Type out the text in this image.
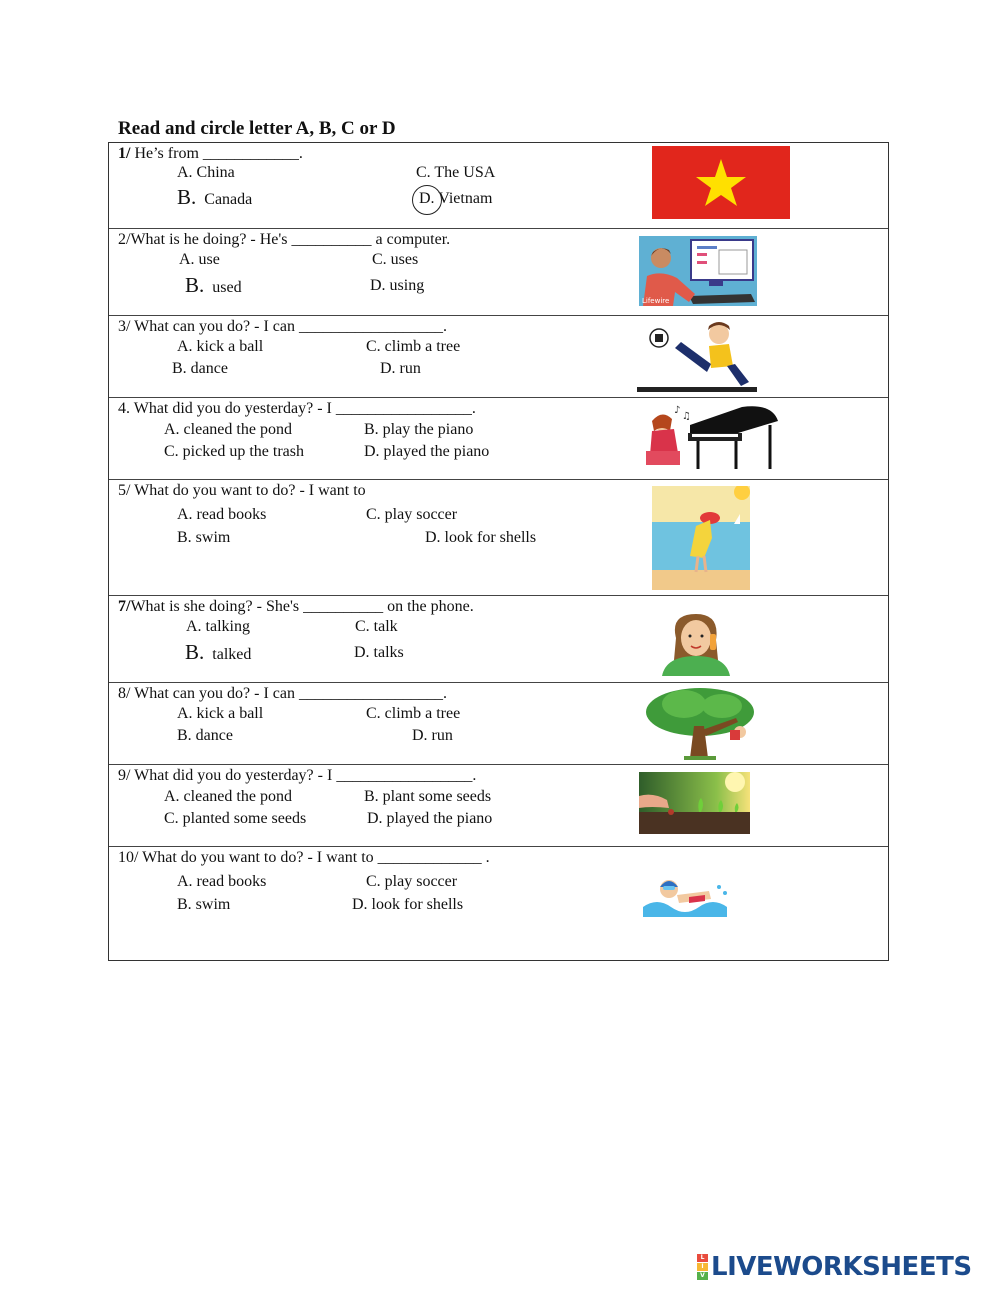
Read and circle letter A, B, C or D
1/ He’s from ____________.
A. China
B. Canada
C. The USA
D. Vietnam
2/What is he doing? - He's __________ a computer.
A. use
B. used
C. uses
D. using
Lifewire
3/ What can you do? - I can __________________.
A. kick a ball
B. dance
C. climb a tree
D. run
4. What did you do yesterday? - I _________________.
A. cleaned the pond
C. picked up the trash
B. play the piano
D. played the piano
♪
♫
5/ What do you want to do? - I want to
A. read books
B. swim
C. play soccer
D. look for shells
7/What is she doing? - She's __________ on the phone.
A. talking
B. talked
C. talk
D. talks
8/ What can you do? - I can __________________.
A. kick a ball
B. dance
C. climb a tree
D. run
9/ What did you do yesterday? - I _________________.
A. cleaned the pond
C. planted some seeds
B. plant some seeds
D. played the piano
10/ What do you want to do? - I want to _____________ .
A. read books
B. swim
C. play soccer
D. look for shells
L
I
V LIVEWORKSHEETS
